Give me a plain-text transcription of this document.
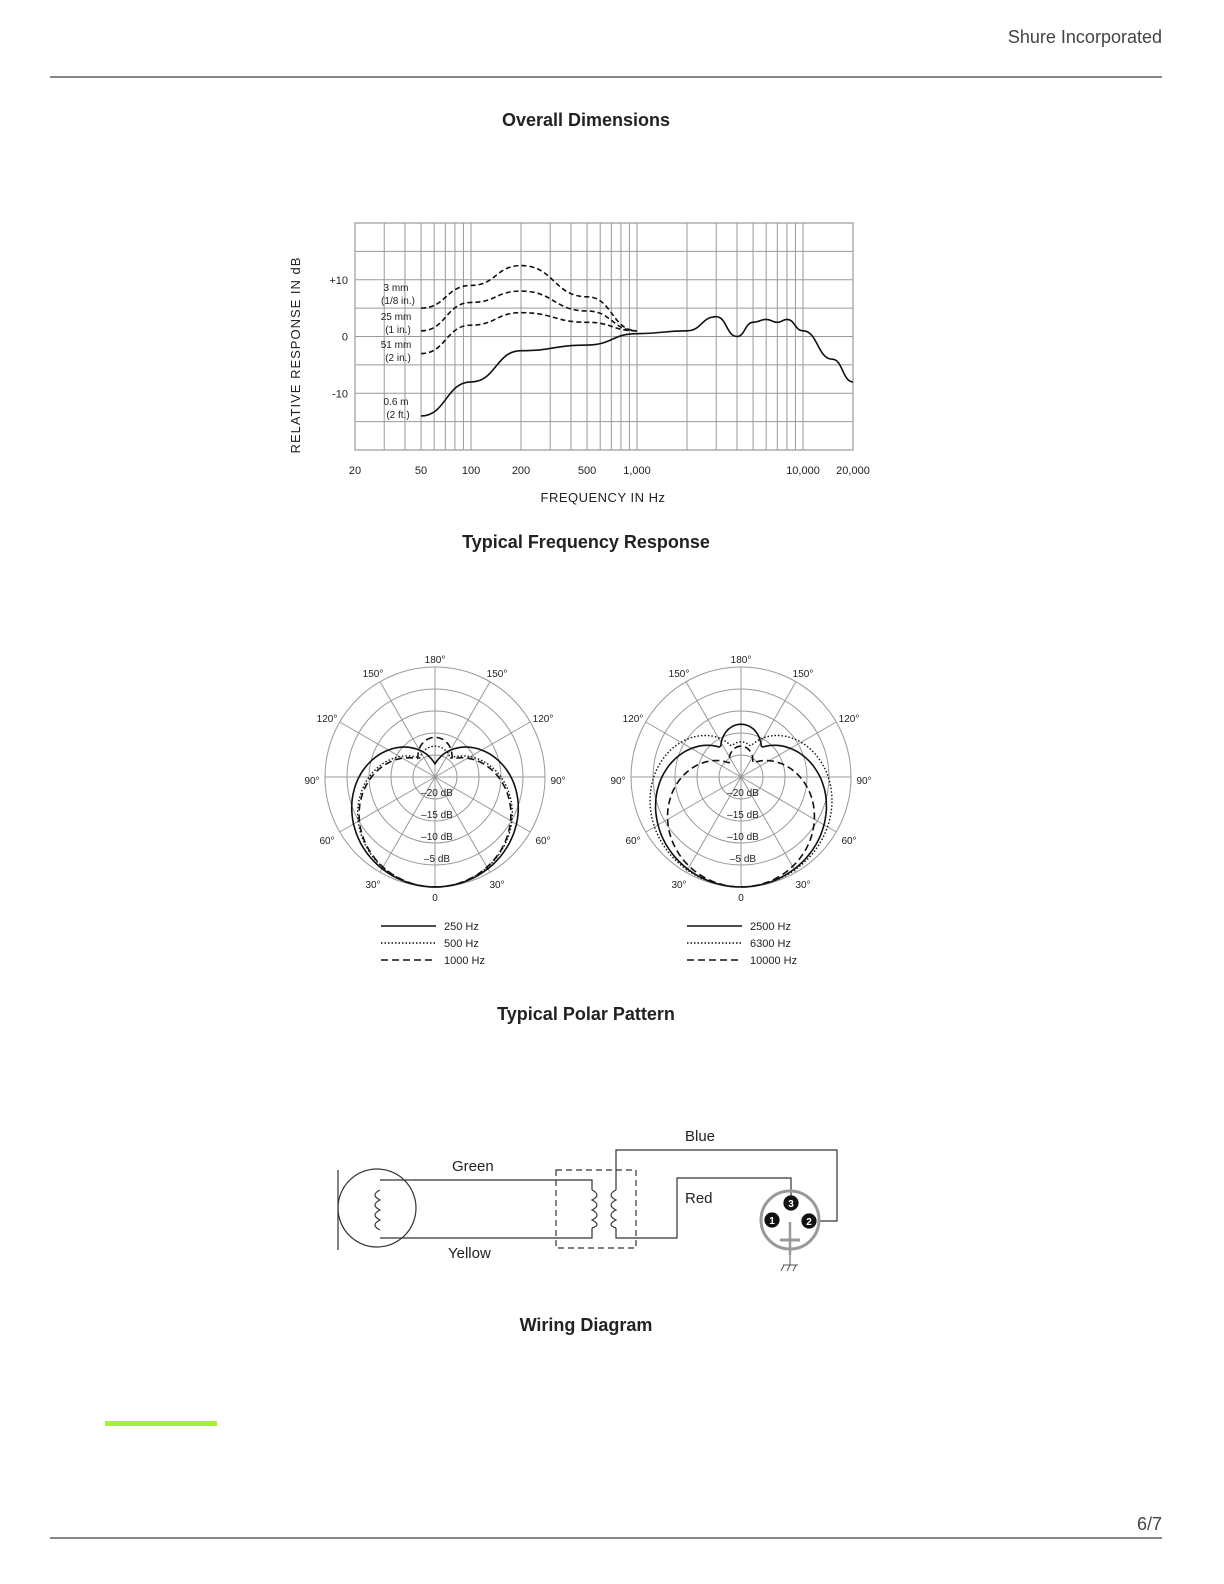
Shure Incorporated
Overall Dimensions
20	50	100	200	500 1,000	10,000 20,000
+10
0
-10
3 mm
(1/8 in.)
25 mm
(1 in.)
51 mm
(2 in.)
0.6 m
(2 ft.)
RELATIVE RESPONSE IN dB
FREQUENCY IN Hz
Typical Frequency Response
180°
150°	150°
120°	120°
90°	90°
60°	60°
30°	30°
0
–20 dB
–15 dB
–10 dB
–5 dB
250 Hz
500 Hz
1000 Hz
180°
150°	150°
120°	120°
90°	90°
60°	60°
30°	30°
0
–20 dB
–15 dB
–10 dB
–5 dB
2500 Hz
6300 Hz
10000 Hz
Typical Polar Pattern
1	2
3
Blue
Green
Red
Yellow
Wiring Diagram
6/7
